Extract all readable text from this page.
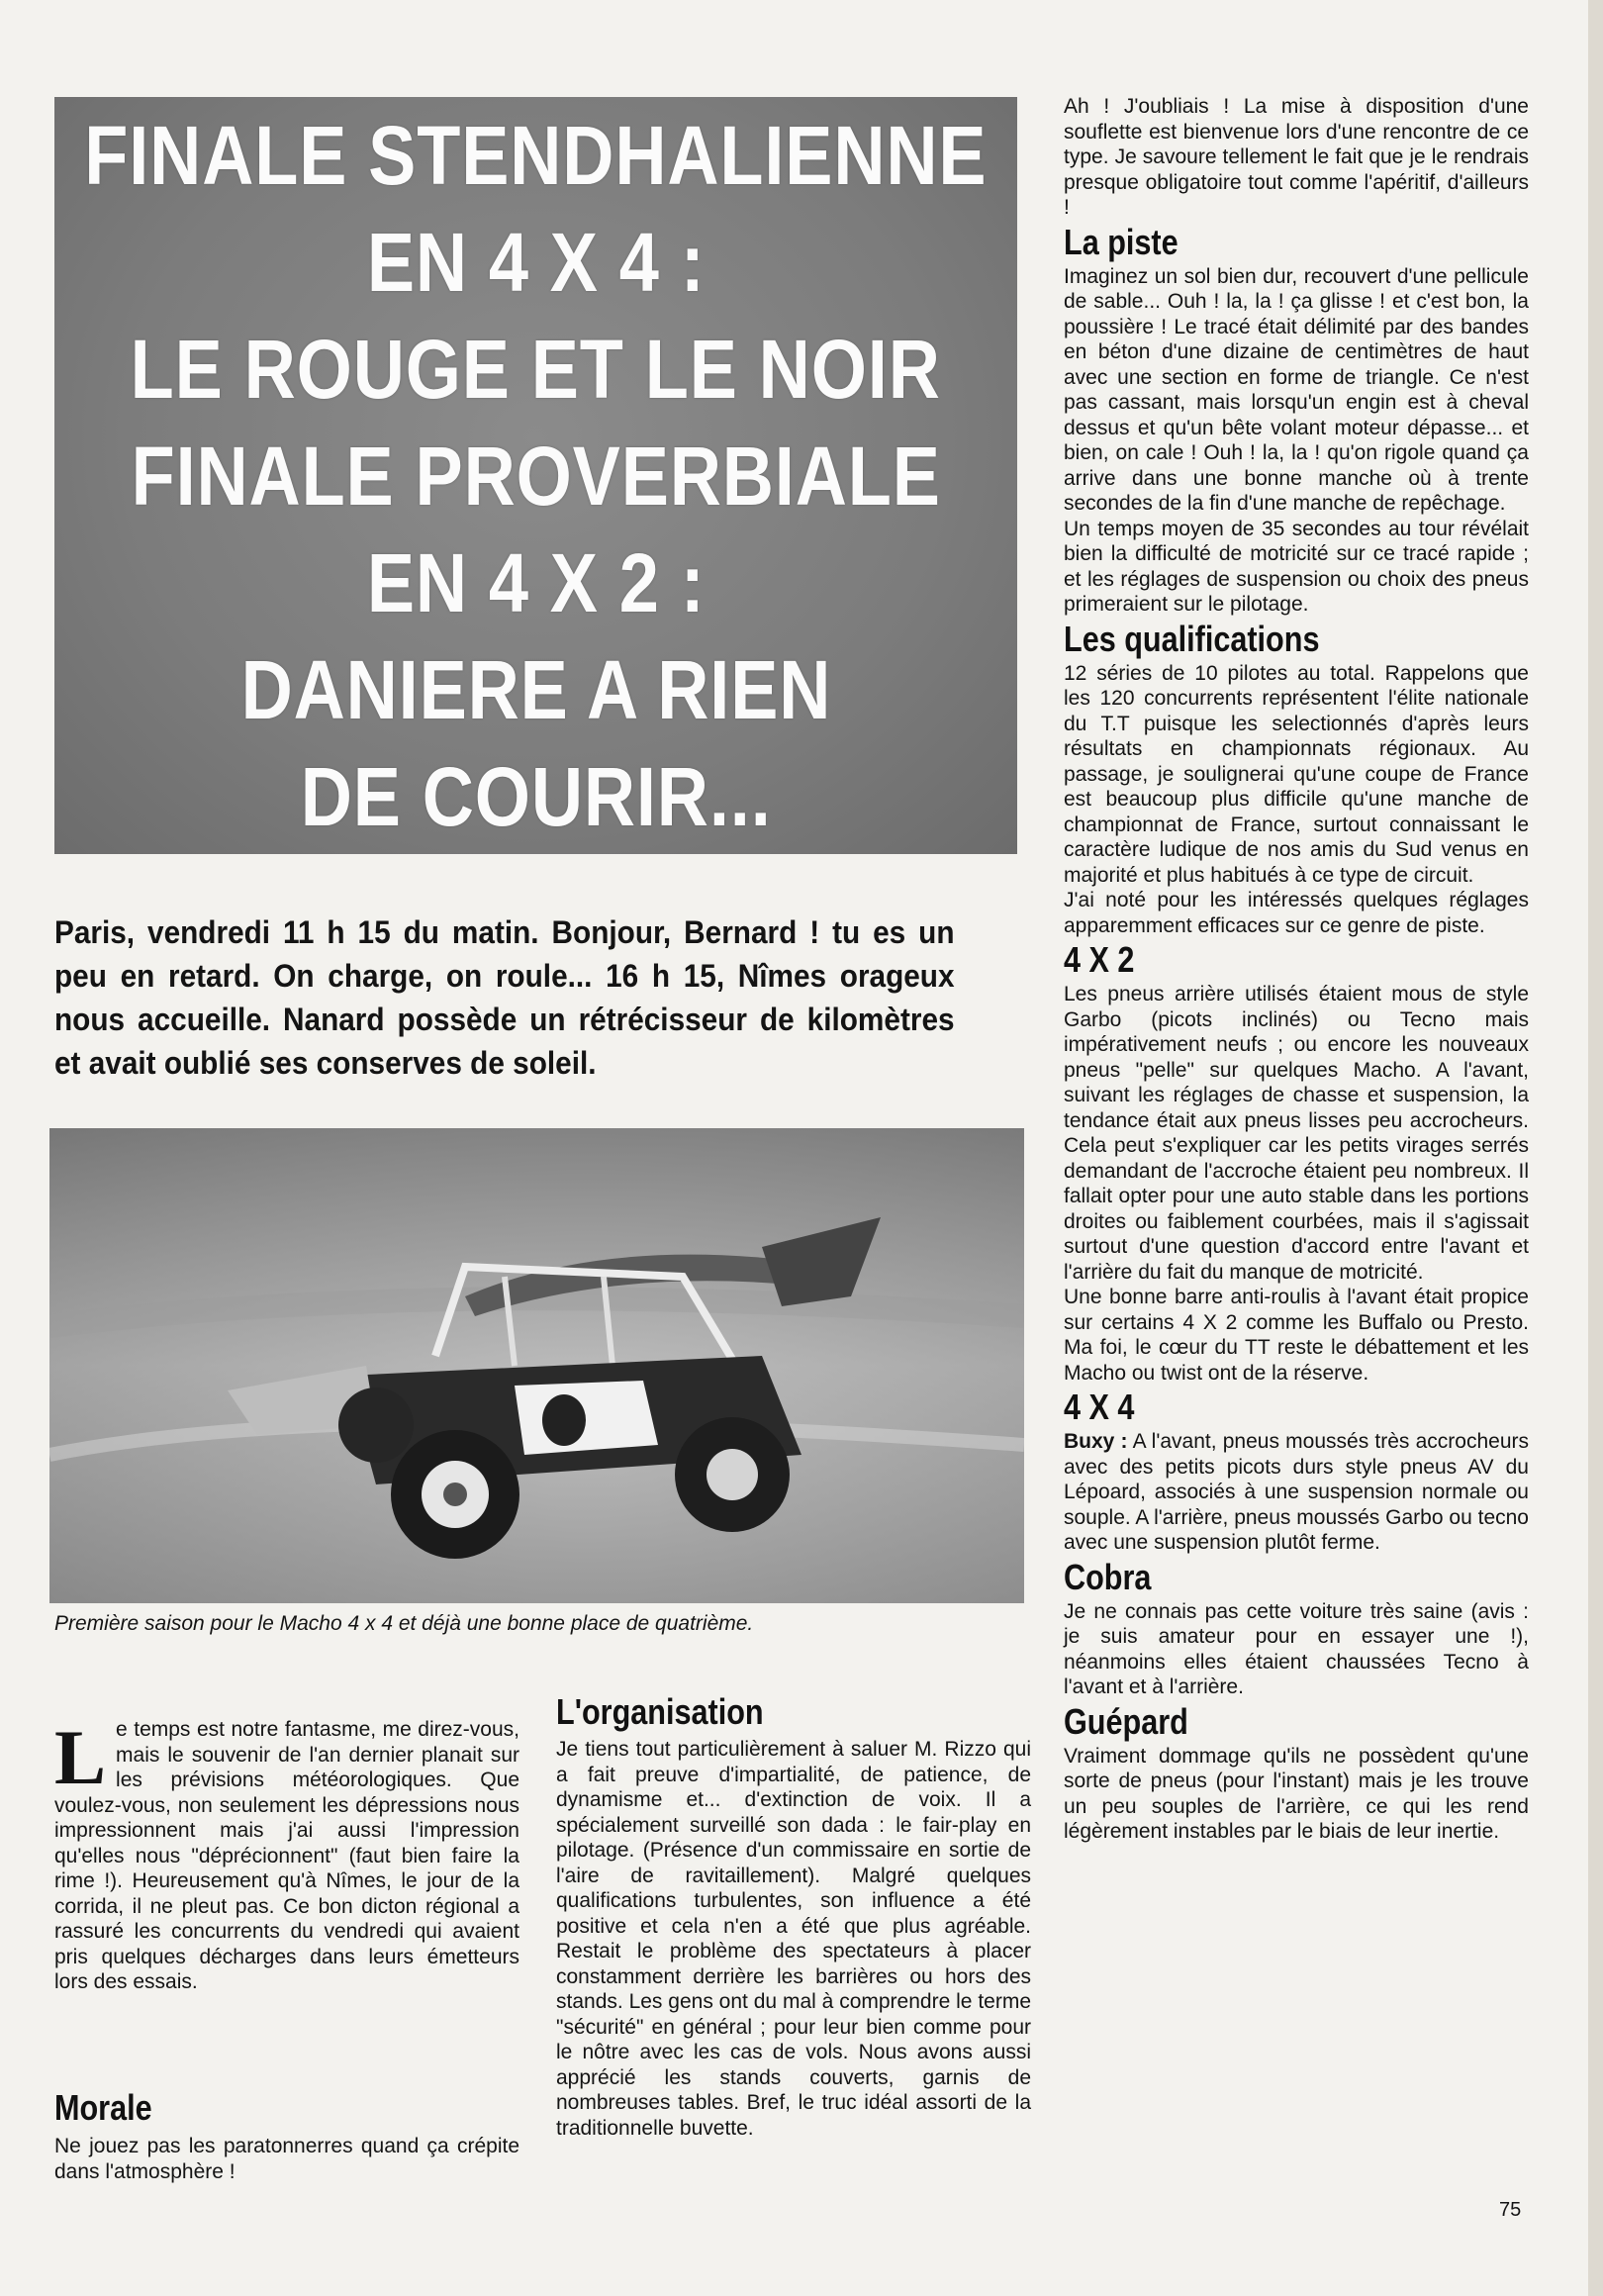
FINALE STENDHALIENNE
EN 4 X 4 :
LE ROUGE ET LE NOIR
FINALE PROVERBIALE
EN 4 X 2 :
DANIERE A RIEN
DE COURIR...
Paris, vendredi 11 h 15 du matin. Bonjour, Bernard ! tu es un peu en retard. On charge, on roule... 16 h 15, Nîmes orageux nous accueille. Nanard possède un rétrécisseur de kilomètres et avait oublié ses conserves de soleil.
Première saison pour le Macho 4 x 4 et déjà une bonne place de quatrième.
L e temps est notre fantasme, me direz-vous, mais le souvenir de l'an dernier planait sur les prévisions météorologiques. Que voulez-vous, non seulement les dépressions nous impressionnent mais j'ai aussi l'impression qu'elles nous "déprécionnent" (faut bien faire la rime !). Heureusement qu'à Nîmes, le jour de la corrida, il ne pleut pas. Ce bon dicton régional a rassuré les concurrents du vendredi qui avaient pris quelques décharges dans leurs émetteurs lors des essais.
Morale
Ne jouez pas les paratonnerres quand ça crépite dans l'atmosphère !
L'organisation
Je tiens tout particulièrement à saluer M. Rizzo qui a fait preuve d'impartialité, de patience, de dynamisme et... d'extinction de voix. Il a spécialement surveillé son dada : le fair-play en pilotage. (Présence d'un commissaire en sortie de l'aire de ravitaillement). Malgré quelques qualifications turbulentes, son influence a été positive et cela n'en a été que plus agréable. Restait le problème des spectateurs à placer constamment derrière les barrières ou hors des stands. Les gens ont du mal à comprendre le terme "sécurité" en général ; pour leur bien comme pour le nôtre avec les cas de vols. Nous avons aussi apprécié les stands couverts, garnis de nombreuses tables. Bref, le truc idéal assorti de la traditionnelle buvette.

Ah ! J'oubliais ! La mise à disposition d'une souflette est bienvenue lors d'une rencontre de ce type. Je savoure tellement le fait que je le rendrais presque obligatoire tout comme l'apéritif, d'ailleurs !

La piste

Imaginez un sol bien dur, recouvert d'une pellicule de sable... Ouh ! la, la ! ça glisse ! et c'est bon, la poussière ! Le tracé était délimité par des bandes en béton d'une dizaine de centimètres de haut avec une section en forme de triangle. Ce n'est pas cassant, mais lorsqu'un engin est à cheval dessus et qu'un bête volant moteur dépasse... et bien, on cale ! Ouh ! la, la ! qu'on rigole quand ça arrive dans une bonne manche où à trente secondes de la fin d'une manche de repêchage.

Un temps moyen de 35 secondes au tour révélait bien la difficulté de motricité sur ce tracé rapide ; et les réglages de suspension ou choix des pneus primeraient sur le pilotage.

Les qualifications

12 séries de 10 pilotes au total. Rappelons que les 120 concurrents représentent l'élite nationale du T.T puisque les selectionnés d'après leurs résultats en championnats régionaux. Au passage, je soulignerai qu'une coupe de France est beaucoup plus difficile qu'une manche de championnat de France, surtout connaissant le caractère ludique de nos amis du Sud venus en majorité et plus habitués à ce type de circuit.

J'ai noté pour les intéressés quelques réglages apparemment efficaces sur ce genre de piste.

4 X 2

Les pneus arrière utilisés étaient mous de style Garbo (picots inclinés) ou Tecno mais impérativement neufs ; ou encore les nouveaux pneus "pelle" sur quelques Macho. A l'avant, suivant les réglages de chasse et suspension, la tendance était aux pneus lisses peu accrocheurs. Cela peut s'expliquer car les petits virages serrés demandant de l'accroche étaient peu nombreux. Il fallait opter pour une auto stable dans les portions droites ou faiblement courbées, mais il s'agissait surtout d'une question d'accord entre l'avant et l'arrière du fait du manque de motricité.

Une bonne barre anti-roulis à l'avant était propice sur certains 4 X 2 comme les Buffalo ou Presto. Ma foi, le cœur du TT reste le débattement et les Macho ou twist ont de la réserve.

4 X 4

Buxy : A l'avant, pneus moussés très accrocheurs avec des petits picots durs style pneus AV du Lépoard, associés à une suspension normale ou souple. A l'arrière, pneus moussés Garbo ou tecno avec une suspension plutôt ferme.

Cobra

Je ne connais pas cette voiture très saine (avis : je suis amateur pour en essayer une !), néanmoins elles étaient chaussées Tecno à l'avant et à l'arrière.

Guépard

Vraiment dommage qu'ils ne possèdent qu'une sorte de pneus (pour l'instant) mais je les trouve un peu souples de l'arrière, ce qui les rend légèrement instables par le biais de leur inertie.

75
